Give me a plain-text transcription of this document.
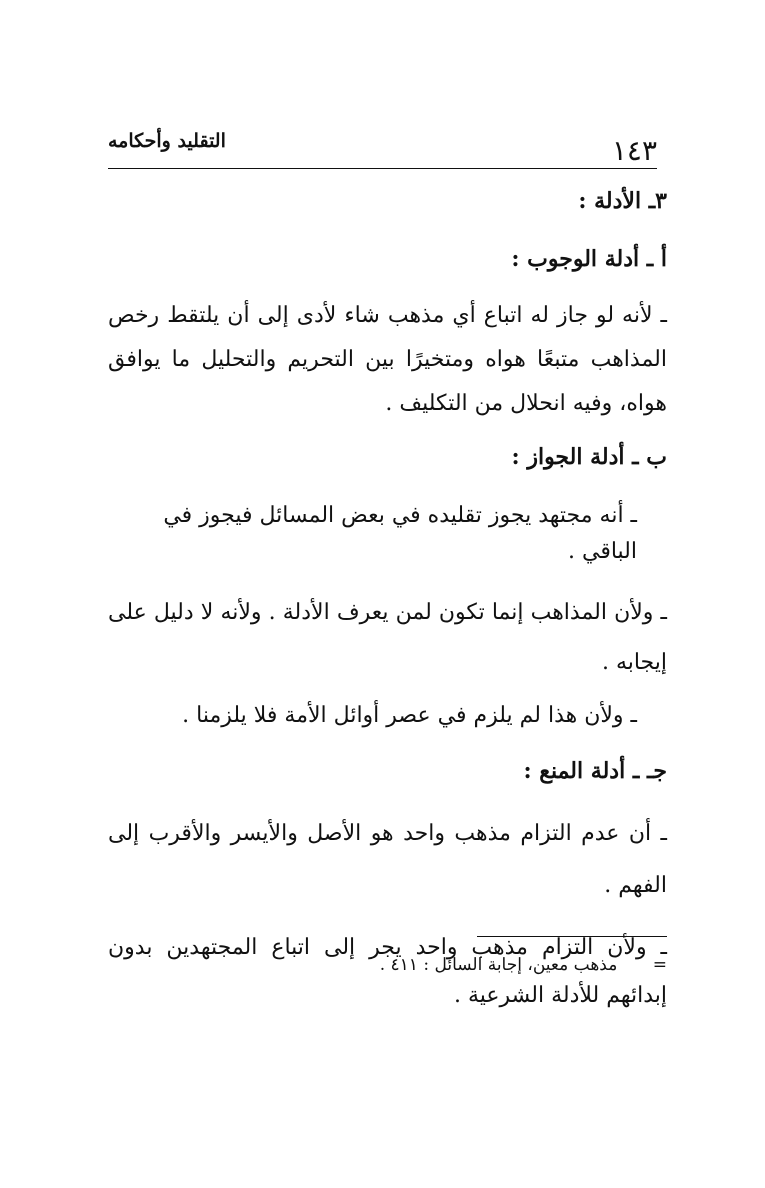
١٤٣
التقليد وأحكامه

٣ـ الأدلة :

أ ـ أدلة الوجوب :

ـ لأنه لو جاز له اتباع أي مذهب شاء لأدى إلى أن يلتقط رخص المذاهب متبعًا هواه ومتخيرًا بين التحريم والتحليل ما يوافق هواه، وفيه انحلال من التكليف .

ب ـ أدلة الجواز :

ـ أنه مجتهد يجوز تقليده في بعض المسائل فيجوز في الباقي .

ـ ولأن المذاهب إنما تكون لمن يعرف الأدلة . ولأنه لا دليل على إيجابه .

ـ ولأن هذا لم يلزم في عصر أوائل الأمة فلا يلزمنا .

جـ ـ أدلة المنع :

ـ أن عدم التزام مذهب واحد هو الأصل والأيسر والأقرب إلى الفهم .

ـ ولأن التزام مذهب واحد يجر إلى اتباع المجتهدين بدون إبدائهم للأدلة الشرعية .

= مذهب معين، إجابة السائل : ٤١١ .
